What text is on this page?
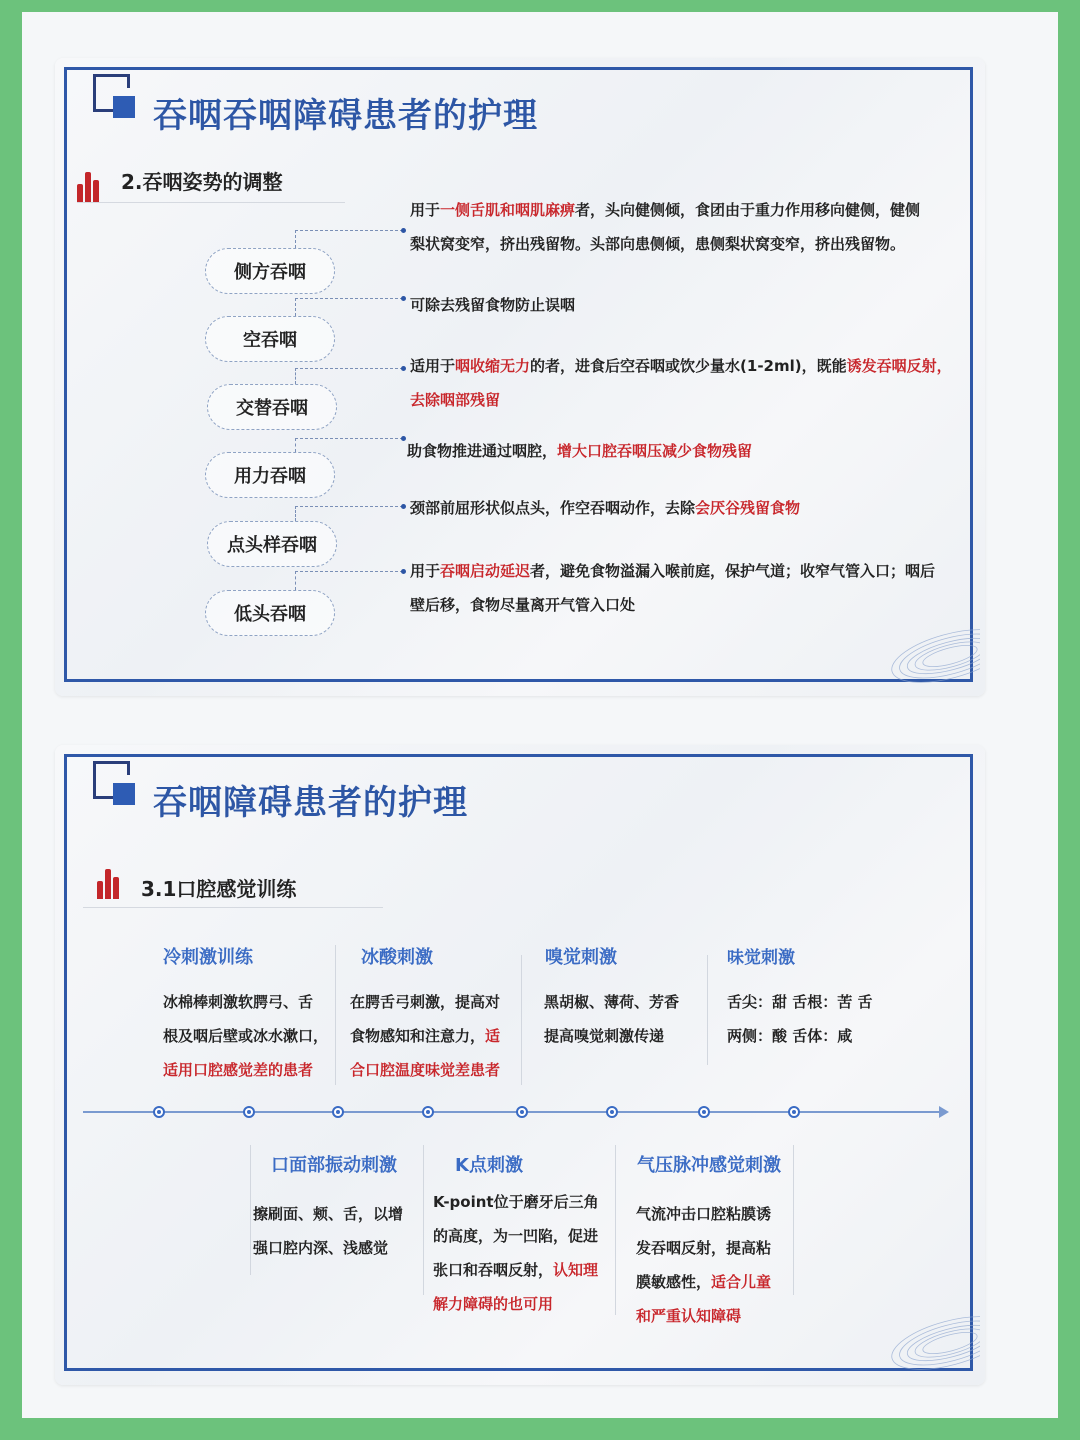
吞咽吞咽障碍患者的护理
2.吞咽姿势的调整
侧方吞咽
空吞咽
交替吞咽
用力吞咽
点头样吞咽
低头吞咽
用于一侧舌肌和咽肌麻痹者，头向健侧倾，食团由于重力作用移向健侧，健侧
梨状窝变窄，挤出残留物。头部向患侧倾，患侧梨状窝变窄，挤出残留物。
可除去残留食物防止误咽
适用于咽收缩无力的者，进食后空吞咽或饮少量水(1-2ml)，既能诱发吞咽反射，
去除咽部残留
助食物推进通过咽腔，增大口腔吞咽压减少食物残留
颈部前屈形状似点头，作空吞咽动作，去除会厌谷残留食物
用于吞咽启动延迟者，避免食物溢漏入喉前庭，保护气道；收窄气管入口；咽后
壁后移，食物尽量离开气管入口处
吞咽障碍患者的护理
3.1口腔感觉训练
冷刺激训练
冰棉棒刺激软腭弓、舌
根及咽后壁或冰水漱口，
适用口腔感觉差的患者
冰酸刺激
在腭舌弓刺激，提高对
食物感知和注意力，适
合口腔温度味觉差患者
嗅觉刺激
黑胡椒、薄荷、芳香
提高嗅觉刺激传递
味觉刺激
舌尖：甜 舌根：苦 舌
两侧：酸 舌体：咸
口面部振动刺激
擦刷面、颊、舌，以增
强口腔内深、浅感觉
K点刺激
K-point位于磨牙后三角
的高度，为一凹陷，促进
张口和吞咽反射，认知理
解力障碍的也可用
气压脉冲感觉刺激
气流冲击口腔粘膜诱
发吞咽反射，提高粘
膜敏感性，适合儿童
和严重认知障碍
